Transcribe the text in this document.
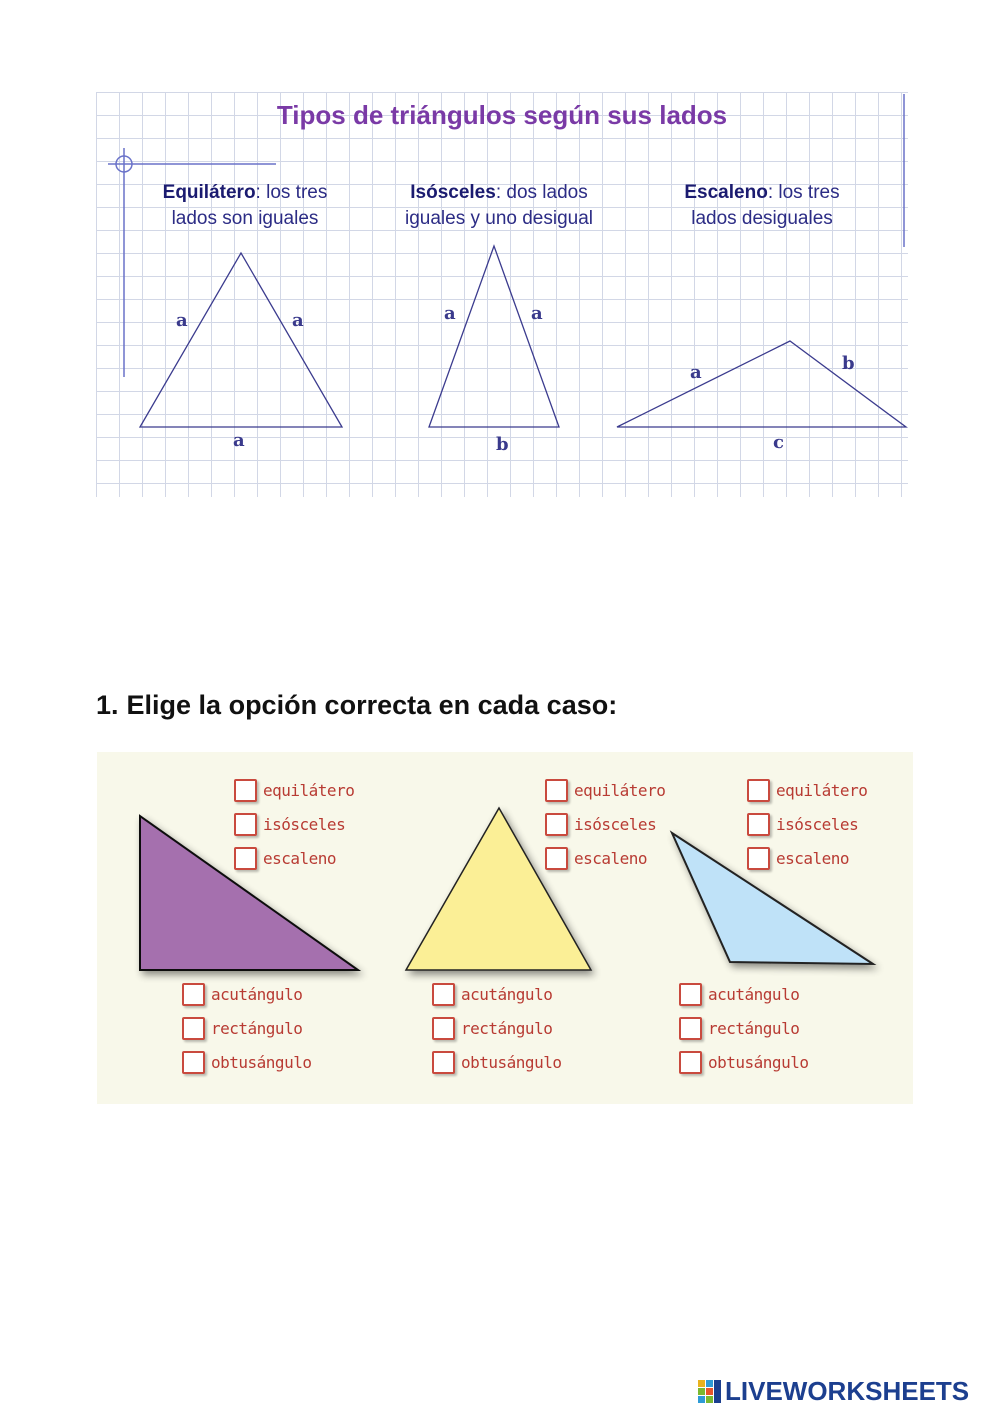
Tipos de triángulos según sus lados
Equilátero: los tres
lados son iguales
Isósceles: dos lados
iguales y uno desigual
Escaleno: los tres
lados desiguales
a	a
a
a	a
b
a	b
c
1. Elige la opción correcta en cada caso:
equilátero
isósceles
escaleno
equilátero
isósceles
escaleno
equilátero
isósceles
escaleno
acutángulo
rectángulo
obtusángulo
acutángulo
rectángulo
obtusángulo
acutángulo
rectángulo
obtusángulo
LIVEWORKSHEETS
